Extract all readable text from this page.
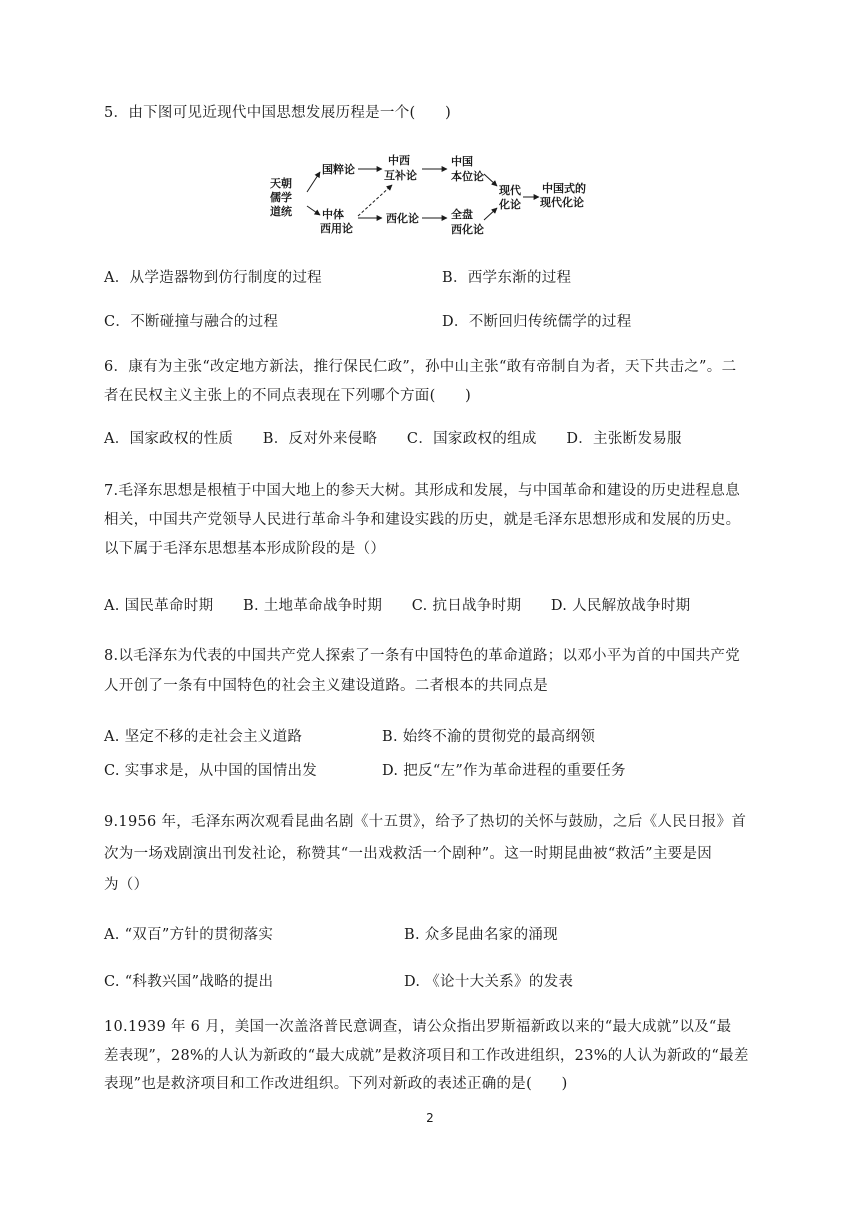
5．由下图可见近现代中国思想发展历程是一个(　　)
天朝
儒学
道统
国粹论
中体
西用论
中西
互补论
西化论
中国
本位论
全盘
西化论
现代
化论
中国式的
现代化论
A．从学造器物到仿行制度的过程	B．西学东渐的过程
C．不断碰撞与融合的过程	D．不断回归传统儒学的过程
6．康有为主张“改定地方新法，推行保民仁政”，孙中山主张“敢有帝制自为者，天下共击之”。二
者在民权主义主张上的不同点表现在下列哪个方面(　　)
A．国家政权的性质　　B．反对外来侵略　　C．国家政权的组成　　D．主张断发易服
7.毛泽东思想是根植于中国大地上的参天大树。其形成和发展，与中国革命和建设的历史进程息息
相关，中国共产党领导人民进行革命斗争和建设实践的历史，就是毛泽东思想形成和发展的历史。
以下属于毛泽东思想基本形成阶段的是（）
A. 国民革命时期　　B. 土地革命战争时期　　C. 抗日战争时期　　D. 人民解放战争时期
8.以毛泽东为代表的中国共产党人探索了一条有中国特色的革命道路；以邓小平为首的中国共产党
人开创了一条有中国特色的社会主义建设道路。二者根本的共同点是
A. 坚定不移的走社会主义道路	B. 始终不渝的贯彻党的最高纲领
C. 实事求是，从中国的国情出发	D. 把反“左”作为革命进程的重要任务
9.1956 年，毛泽东两次观看昆曲名剧《十五贯》，给予了热切的关怀与鼓励，之后《人民日报》首
次为一场戏剧演出刊发社论，称赞其“一出戏救活一个剧种”。这一时期昆曲被“救活”主要是因
为（）
A. “双百”方针的贯彻落实	B. 众多昆曲名家的涌现
C. “科教兴国”战略的提出	D. 《论十大关系》的发表
10.1939 年 6 月，美国一次盖洛普民意调查，请公众指出罗斯福新政以来的“最大成就”以及“最
差表现”，28%的人认为新政的“最大成就”是救济项目和工作改进组织，23%的人认为新政的“最差
表现”也是救济项目和工作改进组织。下列对新政的表述正确的是(　　)
2
